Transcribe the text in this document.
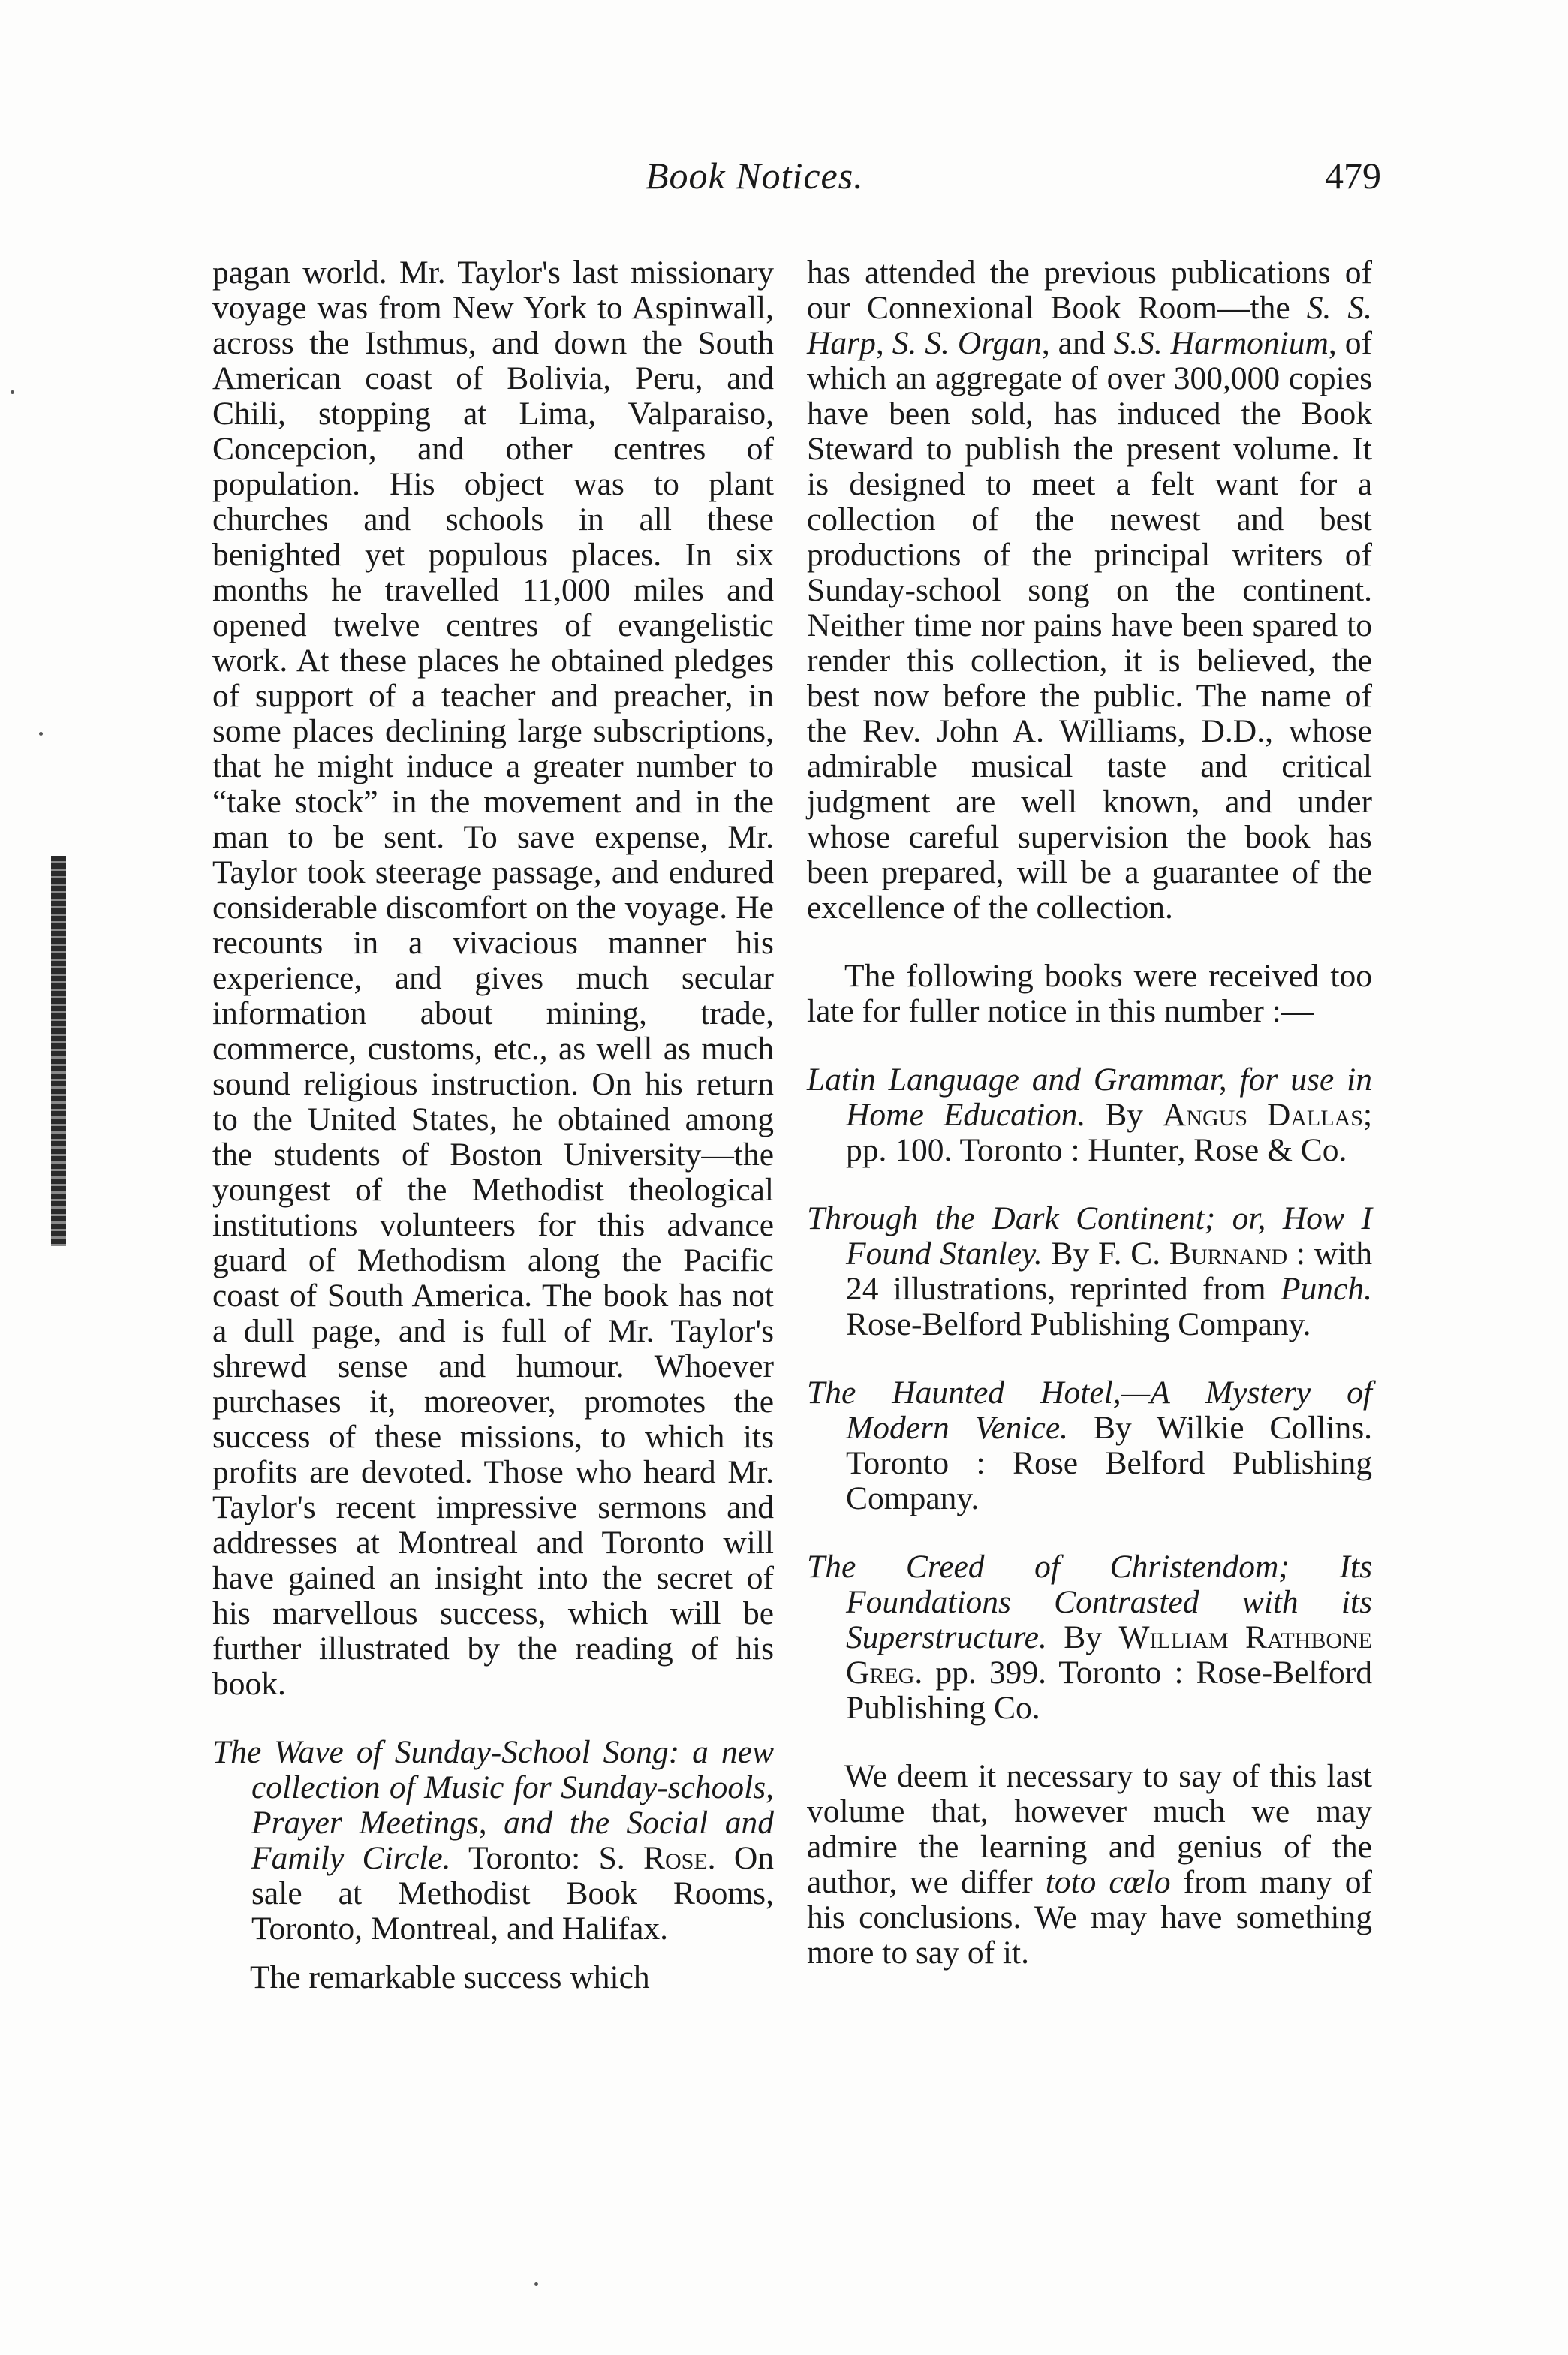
Book Notices.	479

pagan world. Mr. Taylor's last missionary voyage was from New York to Aspinwall, across the Isthmus, and down the South American coast of Bolivia, Peru, and Chili, stopping at Lima, Valparaiso, Concepcion, and other centres of population. His object was to plant churches and schools in all these benighted yet populous places. In six months he travelled 11,000 miles and opened twelve centres of evangelistic work. At these places he obtained pledges of support of a teacher and preacher, in some places declining large subscriptions, that he might induce a greater number to “take stock” in the movement and in the man to be sent. To save expense, Mr. Taylor took steerage passage, and endured considerable discomfort on the voyage. He recounts in a vivacious manner his experience, and gives much secular information about mining, trade, commerce, customs, etc., as well as much sound religious instruction. On his return to the United States, he obtained among the students of Boston University—the youngest of the Methodist theological institutions volunteers for this advance guard of Methodism along the Pacific coast of South America. The book has not a dull page, and is full of Mr. Taylor's shrewd sense and humour. Whoever purchases it, moreover, promotes the success of these missions, to which its profits are devoted. Those who heard Mr. Taylor's recent impressive sermons and addresses at Montreal and Toronto will have gained an insight into the secret of his marvellous success, which will be further illustrated by the reading of his book.

The Wave of Sunday-School Song: a new collection of Music for Sunday-schools, Prayer Meetings, and the Social and Family Circle. Toronto: S. Rose. On sale at Methodist Book Rooms, Toronto, Montreal, and Halifax.

The remarkable success which

has attended the previous publications of our Connexional Book Room—the S. S. Harp, S. S. Organ, and S.S. Harmonium, of which an aggregate of over 300,000 copies have been sold, has induced the Book Steward to publish the present volume. It is designed to meet a felt want for a collection of the newest and best productions of the principal writers of Sunday-school song on the continent. Neither time nor pains have been spared to render this collection, it is believed, the best now before the public. The name of the Rev. John A. Williams, D.D., whose admirable musical taste and critical judgment are well known, and under whose careful supervision the book has been prepared, will be a guarantee of the excellence of the collection.

The following books were received too late for fuller notice in this number :—

Latin Language and Grammar, for use in Home Education. By Angus Dallas; pp. 100. Toronto : Hunter, Rose & Co.

Through the Dark Continent; or, How I Found Stanley. By F. C. Burnand : with 24 illustrations, reprinted from Punch. Rose-Belford Publishing Company.

The Haunted Hotel,—A Mystery of Modern Venice. By Wilkie Collins. Toronto : Rose Belford Publishing Company.

The Creed of Christendom; Its Foundations Contrasted with its Superstructure. By William Rathbone Greg. pp. 399. Toronto : Rose-Belford Publishing Co.

We deem it necessary to say of this last volume that, however much we may admire the learning and genius of the author, we differ toto cœlo from many of his conclusions. We may have something more to say of it.
